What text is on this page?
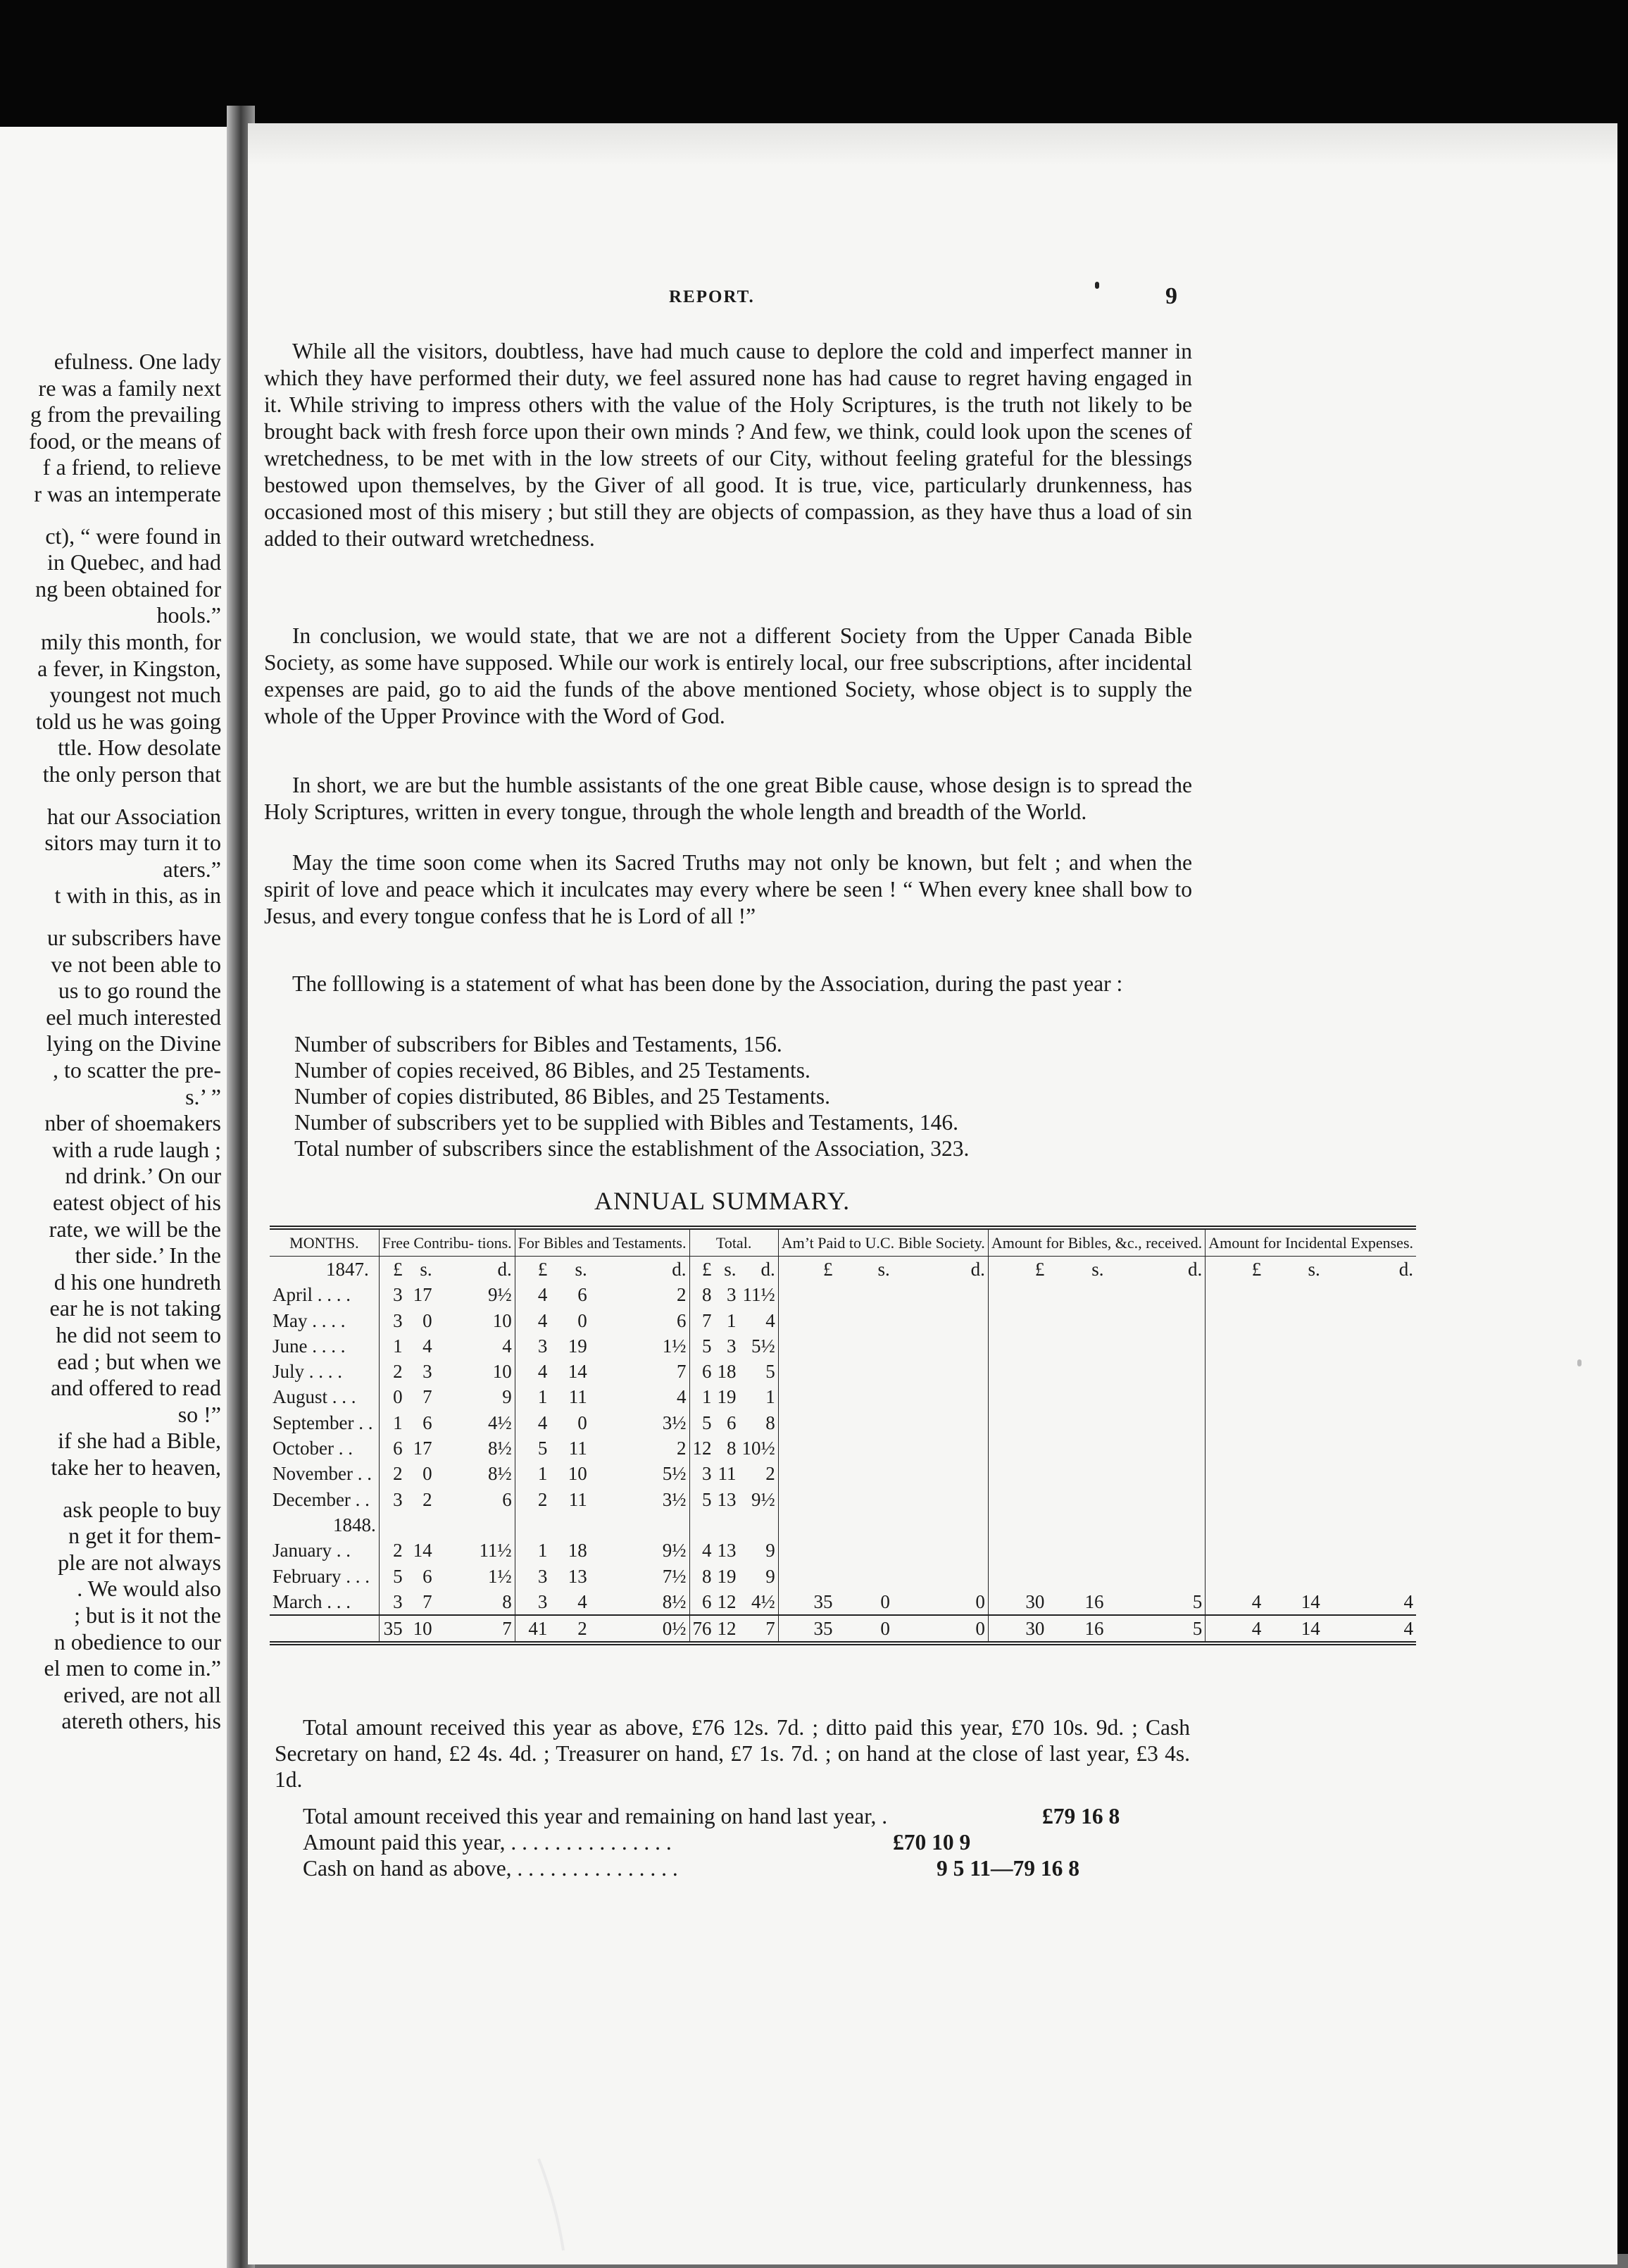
efulness. One lady
re was a family next
g from the prevailing
food, or the means of
f a friend, to relieve
r was an intemperate
ct), “ were found in
in Quebec, and had
ng been obtained for
hools.”
mily this month, for
a fever, in Kingston,
youngest not much
told us he was going
ttle. How desolate
the only person that
hat our Association
sitors may turn it to
aters.”
t with in this, as in
ur subscribers have
ve not been able to
us to go round the
eel much interested
lying on the Divine
, to scatter the pre-
s.’ ”
nber of shoemakers
with a rude laugh ;
nd drink.’ On our
eatest object of his
rate, we will be the
ther side.’ In the
d his one hundreth
ear he is not taking
he did not seem to
ead ; but when we
and offered to read
so !”
if she had a Bible,
take her to heaven,
ask people to buy
n get it for them-
ple are not always
. We would also
; but is it not the
n obedience to our
el men to come in.”
erived, are not all
atereth others, his
REPORT.	9

While all the visitors, doubtless, have had much cause to deplore the cold and imperfect manner in which they have performed their duty, we feel assured none has had cause to regret having engaged in it. While striving to impress others with the value of the Holy Scriptures, is the truth not likely to be brought back with fresh force upon their own minds ? And few, we think, could look upon the scenes of wretchedness, to be met with in the low streets of our City, without feeling grateful for the blessings bestowed upon themselves, by the Giver of all good. It is true, vice, particularly drunkenness, has occasioned most of this misery ; but still they are objects of compassion, as they have thus a load of sin added to their outward wretchedness.

In conclusion, we would state, that we are not a different Society from the Upper Canada Bible Society, as some have supposed. While our work is entirely local, our free subscriptions, after incidental expenses are paid, go to aid the funds of the above mentioned Society, whose object is to supply the whole of the Upper Province with the Word of God.

In short, we are but the humble assistants of the one great Bible cause, whose design is to spread the Holy Scriptures, written in every tongue, through the whole length and breadth of the World.

May the time soon come when its Sacred Truths may not only be known, but felt ; and when the spirit of love and peace which it inculcates may every where be seen ! “ When every knee shall bow to Jesus, and every tongue confess that he is Lord of all !”

The folllowing is a statement of what has been done by the Association, during the past year :

Number of subscribers for Bibles and Testaments, 156.
Number of copies received, 86 Bibles, and 25 Testaments.
Number of copies distributed, 86 Bibles, and 25 Testaments.
Number of subscribers yet to be supplied with Bibles and Testaments, 146.
Total number of subscribers since the establishment of the Association, 323.
ANNUAL SUMMARY.
MONTHS.	Free Contribu- tions.			For Bibles and Testaments.			Total.			Am’t Paid to U.C. Bible Society.			Amount for Bibles, &c., received.			Amount for Incidental Expenses.		
1847.	£	s.	d.	£	s.	d.	£	s.	d.	£	s.	d.	£	s.	d.	£	s.	d.
April . . . .	3	17	9½	4	6	2	8	3	11½									
May . . . .	3	0	10	4	0	6	7	1	4									
June . . . .	1	4	4	3	19	1½	5	3	5½									
July . . . .	2	3	10	4	14	7	6	18	5									
August . . .	0	7	9	1	11	4	1	19	1									
September . .	1	6	4½	4	0	3½	5	6	8									
October . .	6	17	8½	5	11	2	12	8	10½									
November . .	2	0	8½	1	10	5½	3	11	2									
December . .	3	2	6	2	11	3½	5	13	9½									
1848.																		
January . .	2	14	11½	1	18	9½	4	13	9									
February . . .	5	6	1½	3	13	7½	8	19	9									
March . . .	3	7	8	3	4	8½	6	12	4½	35	0	0	30	16	5	4	14	4
	35	10	7	41	2	0½	76	12	7	35	0	0	30	16	5	4	14	4

Total amount received this year as above, £76 12s. 7d. ; ditto paid this year, £70 10s. 9d. ; Cash Secretary on hand, £2 4s. 4d. ; Treasurer on hand, £7 1s. 7d. ; on hand at the close of last year, £3 4s. 1d.

Total amount received this year and remaining on hand last year, .	£79 16 8
Amount paid this year, . . . . . . . . . . . . . . .	£70 10 9
Cash on hand as above, . . . . . . . . . . . . . . .	9 5 11—79 16 8
